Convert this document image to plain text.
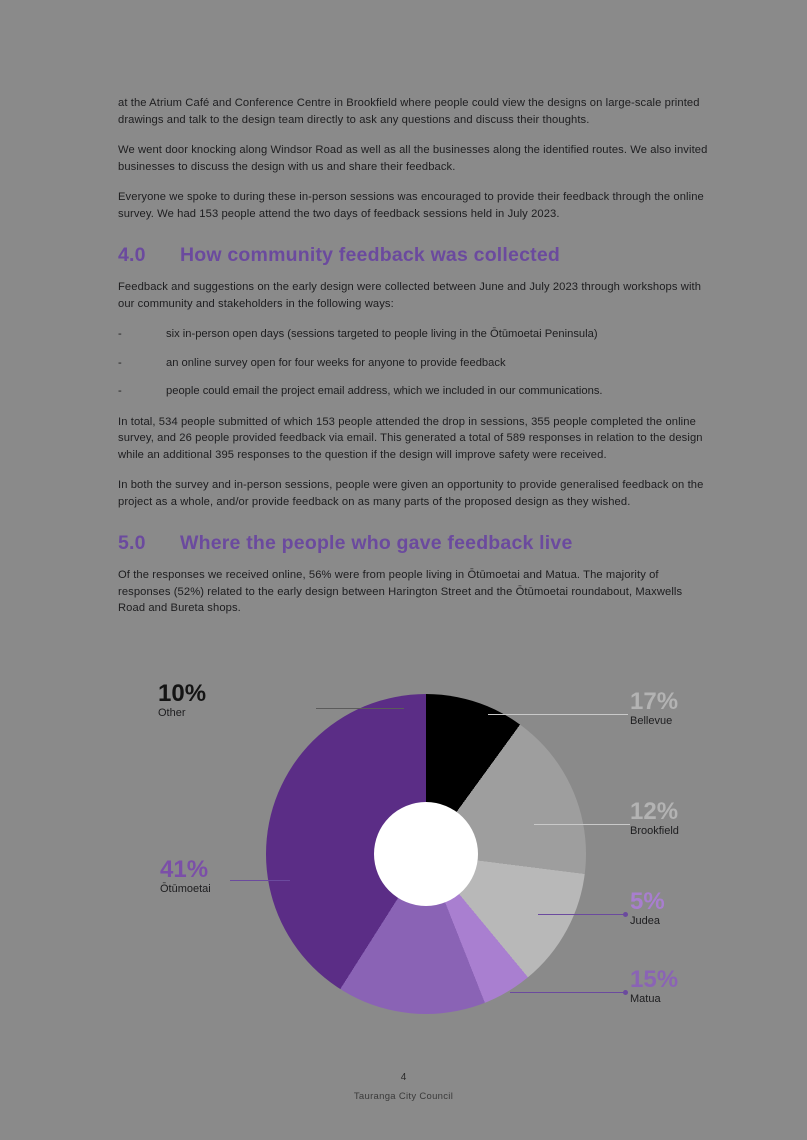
at the Atrium Café and Conference Centre in Brookfield where people could view the designs on large-scale printed drawings and talk to the design team directly to ask any questions and discuss their thoughts.

We went door knocking along Windsor Road as well as all the businesses along the identified routes. We also invited businesses to discuss the design with us and share their feedback.

Everyone we spoke to during these in-person sessions was encouraged to provide their feedback through the online survey. We had 153 people attend the two days of feedback sessions held in July 2023.

4.0 How community feedback was collected

Feedback and suggestions on the early design were collected between June and July 2023 through workshops with our community and stakeholders in the following ways:

- six in-person open days (sessions targeted to people living in the Ōtūmoetai Peninsula)
- an online survey open for four weeks for anyone to provide feedback
- people could email the project email address, which we included in our communications.

In total, 534 people submitted of which 153 people attended the drop in sessions, 355 people completed the online survey, and 26 people provided feedback via email. This generated a total of 589 responses in relation to the design while an additional 395 responses to the question if the design will improve safety were received.

In both the survey and in-person sessions, people were given an opportunity to provide generalised feedback on the project as a whole, and/or provide feedback on as many parts of the proposed design as they wished.

5.0 Where the people who gave feedback live

Of the responses we received online, 56% were from people living in Ōtūmoetai and Matua. The majority of responses (52%) related to the early design between Harington Street and the Ōtūmoetai roundabout, Maxwells Road and Bureta shops.

10%
Other	17%
Bellevue
12%
Brookfield
5%
Judea
15%
Matua
41%
Ōtūmoetai
4
Tauranga City Council
